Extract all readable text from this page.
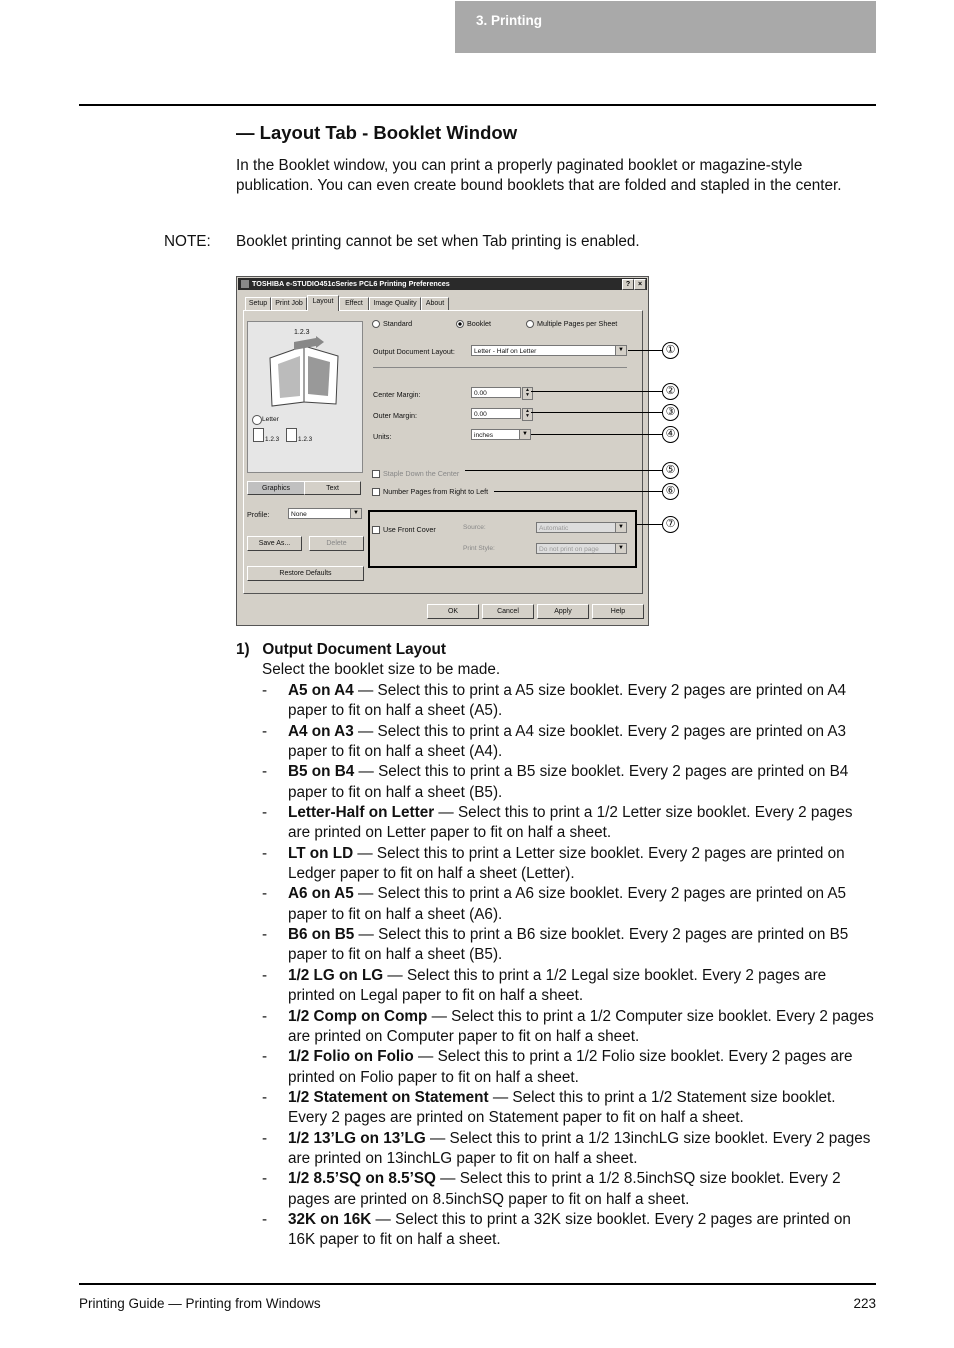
3. Printing
— Layout Tab - Booklet Window
In the Booklet window, you can print a properly paginated booklet or magazine-style publication. You can even create bound booklets that are folded and stapled in the center.
NOTE: Booklet printing cannot be set when Tab printing is enabled.
TOSHIBA e-STUDIO451cSeries PCL6 Printing Preferences	?	×
Setup	Print Job	Layout	Effect	Image Quality	About
1.2.3
Letter
1.2.3	1.2.3
Graphics	Text
Profile:	None	▼
Save As...	Delete
Restore Defaults
Standard	Booklet	Multiple Pages per Sheet
Output Document Layout:	Letter - Half on Letter	▼
Center Margin:	0.00	▲
▼
Outer Margin:	0.00	▲
▼
Units:	inches	▼
Staple Down the Center
Number Pages from Right to Left
Use Front Cover	Source:	Automatic	▼
Print Style:	Do not print on page	▼
OK	Cancel	Apply	Help
①
②
③
④
⑤
⑥
⑦
1) Output Document Layout
Select the booklet size to be made.
- A5 on A4 — Select this to print a A5 size booklet. Every 2 pages are printed on A4 paper to fit on half a sheet (A5).
- A4 on A3 — Select this to print a A4 size booklet. Every 2 pages are printed on A3 paper to fit on half a sheet (A4).
- B5 on B4 — Select this to print a B5 size booklet. Every 2 pages are printed on B4 paper to fit on half a sheet (B5).
- Letter-Half on Letter — Select this to print a 1/2 Letter size booklet. Every 2 pages are printed on Letter paper to fit on half a sheet.
- LT on LD — Select this to print a Letter size booklet. Every 2 pages are printed on Ledger paper to fit on half a sheet (Letter).
- A6 on A5 — Select this to print a A6 size booklet. Every 2 pages are printed on A5 paper to fit on half a sheet (A6).
- B6 on B5 — Select this to print a B6 size booklet. Every 2 pages are printed on B5 paper to fit on half a sheet (B5).
- 1/2 LG on LG — Select this to print a 1/2 Legal size booklet. Every 2 pages are printed on Legal paper to fit on half a sheet.
- 1/2 Comp on Comp — Select this to print a 1/2 Computer size booklet. Every 2 pages are printed on Computer paper to fit on half a sheet.
- 1/2 Folio on Folio — Select this to print a 1/2 Folio size booklet. Every 2 pages are printed on Folio paper to fit on half a sheet.
- 1/2 Statement on Statement — Select this to print a 1/2 Statement size booklet. Every 2 pages are printed on Statement paper to fit on half a sheet.
- 1/2 13’LG on 13’LG — Select this to print a 1/2 13inchLG size booklet. Every 2 pages are printed on 13inchLG paper to fit on half a sheet.
- 1/2 8.5’SQ on 8.5’SQ — Select this to print a 1/2 8.5inchSQ size booklet. Every 2 pages are printed on 8.5inchSQ paper to fit on half a sheet.
- 32K on 16K — Select this to print a 32K size booklet. Every 2 pages are printed on 16K paper to fit on half a sheet.
Printing Guide — Printing from Windows	223
